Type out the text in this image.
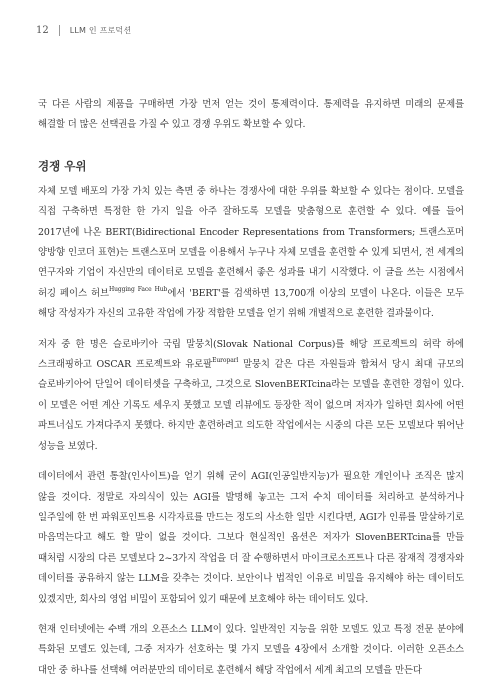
12	LLM 인 프로덕션

국 다른 사람의 제품을 구매하면 가장 먼저 얻는 것이 통제력이다. 통제력을 유지하면 미래의 문제를 해결할 더 많은 선택권을 가질 수 있고 경쟁 우위도 확보할 수 있다.

경쟁 우위

자체 모델 배포의 가장 가치 있는 측면 중 하나는 경쟁사에 대한 우위를 확보할 수 있다는 점이다. 모델을 직접 구축하면 특정한 한 가지 일을 아주 잘하도록 모델을 맞춤형으로 훈련할 수 있다. 예를 들어 2017년에 나온 BERT(Bidirectional Encoder Representations from Transformers; 트랜스포머 양방향 인코더 표현)는 트랜스포머 모델을 이용해서 누구나 자체 모델을 훈련할 수 있게 되면서, 전 세계의 연구자와 기업이 자신만의 데이터로 모델을 훈련해서 좋은 성과를 내기 시작했다. 이 글을 쓰는 시점에서 허깅 페이스 허브$^{Hugging Face Hub}$에서 'BERT'를 검색하면 13,700개 이상의 모델이 나온다. 이들은 모두 해당 작성자가 자신의 고유한 작업에 가장 적합한 모델을 얻기 위해 개별적으로 훈련한 결과물이다.

저자 중 한 명은 슬로바키아 국립 말뭉치(Slovak National Corpus)를 해당 프로젝트의 허락 하에 스크래핑하고 OSCAR 프로젝트와 유로팔$^{Europarl}$ 말뭉치 같은 다른 자원들과 합쳐서 당시 최대 규모의 슬로바키아어 단일어 데이터셋을 구축하고, 그것으로 SlovenBERTcina라는 모델을 훈련한 경험이 있다. 이 모델은 어떤 계산 기록도 세우지 못했고 모델 리뷰에도 등장한 적이 없으며 저자가 일하던 회사에 어떤 파트너십도 가져다주지 못했다. 하지만 훈련하려고 의도한 작업에서는 시중의 다른 모든 모델보다 뛰어난 성능을 보였다.

데이터에서 관련 통찰(인사이트)을 얻기 위해 굳이 AGI(인공일반지능)가 필요한 개인이나 조직은 많지 않을 것이다. 정말로 자의식이 있는 AGI를 발명해 놓고는 그저 수치 데이터를 처리하고 분석하거나 일주일에 한 번 파워포인트용 시각자료를 만드는 정도의 사소한 일만 시킨다면, AGI가 인류를 말살하기로 마음먹는다고 해도 할 말이 없을 것이다. 그보다 현실적인 옵션은 저자가 SlovenBERTcina를 만들 때처럼 시장의 다른 모델보다 2~3가지 작업을 더 잘 수행하면서 마이크로소프트나 다른 잠재적 경쟁자와 데이터를 공유하지 않는 LLM을 갖추는 것이다. 보안이나 법적인 이유로 비밀을 유지해야 하는 데이터도 있겠지만, 회사의 영업 비밀이 포함되어 있기 때문에 보호해야 하는 데이터도 있다.

현재 인터넷에는 수백 개의 오픈소스 LLM이 있다. 일반적인 지능을 위한 모델도 있고 특정 전문 분야에 특화된 모델도 있는데, 그중 저자가 선호하는 몇 가지 모델을 4장에서 소개할 것이다. 이러한 오픈소스 대안 중 하나를 선택해 여러분만의 데이터로 훈련해서 해당 작업에서 세계 최고의 모델을 만든다
